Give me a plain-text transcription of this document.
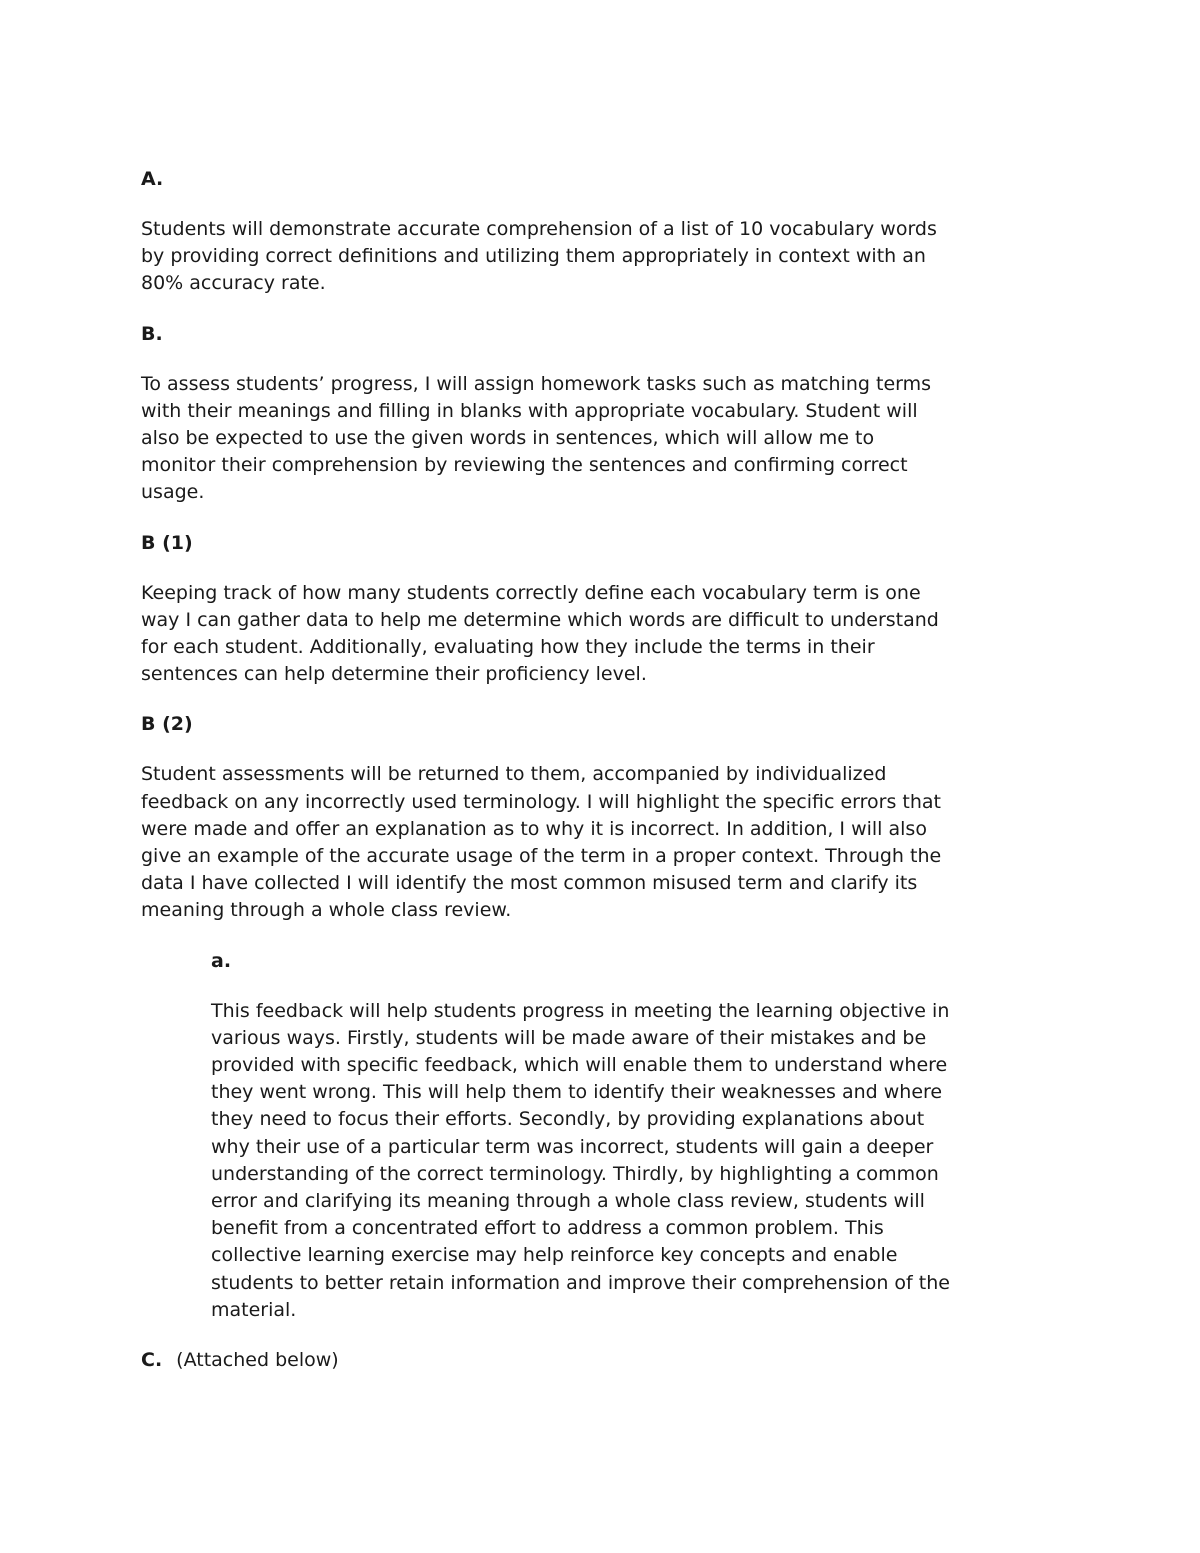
A.
Students will demonstrate accurate comprehension of a list of 10 vocabulary words
by providing correct definitions and utilizing them appropriately in context with an
80% accuracy rate.
B.
To assess students’ progress, I will assign homework tasks such as matching terms
with their meanings and filling in blanks with appropriate vocabulary. Student will
also be expected to use the given words in sentences, which will allow me to
monitor their comprehension by reviewing the sentences and confirming correct
usage.
B (1)
Keeping track of how many students correctly define each vocabulary term is one
way I can gather data to help me determine which words are difficult to understand
for each student. Additionally, evaluating how they include the terms in their
sentences can help determine their proficiency level.
B (2)
Student assessments will be returned to them, accompanied by individualized
feedback on any incorrectly used terminology. I will highlight the specific errors that
were made and offer an explanation as to why it is incorrect. In addition, I will also
give an example of the accurate usage of the term in a proper context. Through the
data I have collected I will identify the most common misused term and clarify its
meaning through a whole class review.
a.
This feedback will help students progress in meeting the learning objective in
various ways. Firstly, students will be made aware of their mistakes and be
provided with specific feedback, which will enable them to understand where
they went wrong. This will help them to identify their weaknesses and where
they need to focus their efforts. Secondly, by providing explanations about
why their use of a particular term was incorrect, students will gain a deeper
understanding of the correct terminology. Thirdly, by highlighting a common
error and clarifying its meaning through a whole class review, students will
benefit from a concentrated effort to address a common problem. This
collective learning exercise may help reinforce key concepts and enable
students to better retain information and improve their comprehension of the
material.
C. (Attached below)
